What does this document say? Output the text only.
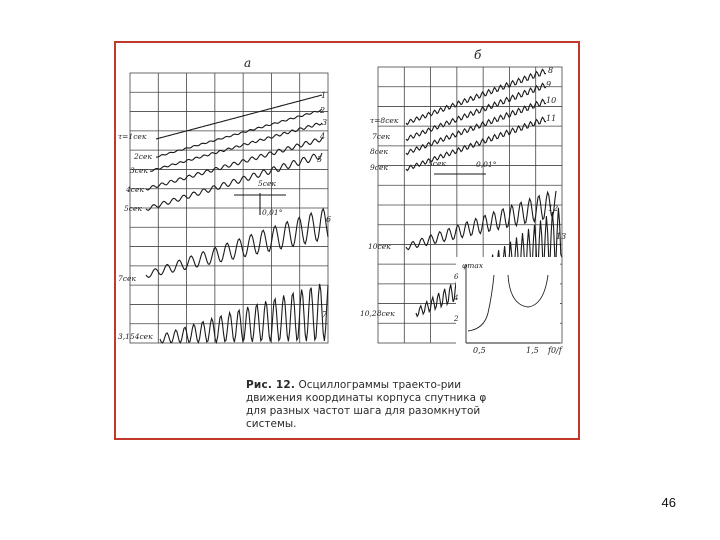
a
б
1
2
3
4
5
6
7
τ=1сек
2сек
3сек
4сек
5сек
7сек
3,154сек
5сек
0,01°
8
9
10
11
12
13
τ=8сек
7сек
8сек
9сек
10сек
10,28сек
5сек	0,01°
φmax
6
4
2
0,5	1,5 f0/f
Рис. 12. Осциллограммы траекто-рии движения координаты корпуса спутника φ для разных частот шага для разомкнутой системы.
46
